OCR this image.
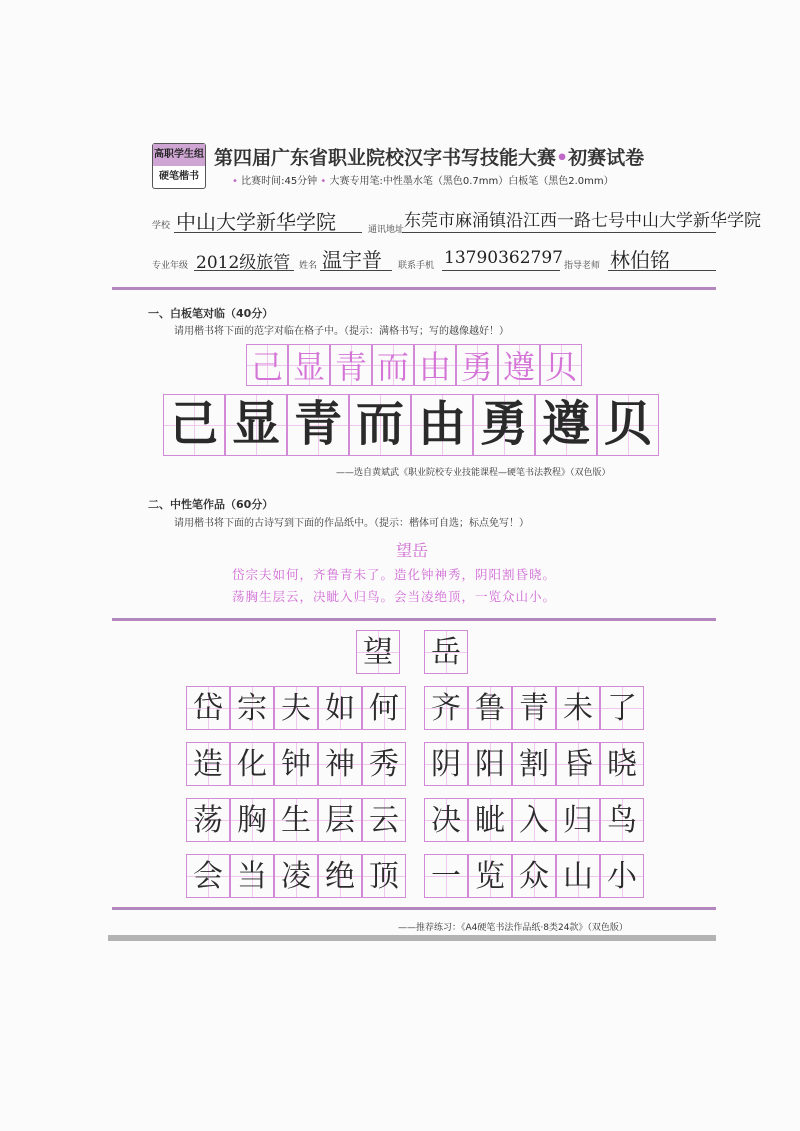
高职学生组
硬笔楷书
第四届广东省职业院校汉字书写技能大赛•初赛试卷
• 比赛时间:45分钟 • 大赛专用笔:中性墨水笔（黑色0.7mm）白板笔（黑色2.0mm）
学校 中山大学新华学院	通讯地址 东莞市麻涌镇沿江西一路七号中山大学新华学院
专业年级 2012级旅管 姓名 温宇普 联系手机 13790362797 指导老师 林伯铭
一、白板笔对临（40分）
请用楷书将下面的范字对临在格子中。（提示：满格书写；写的越像越好！）
己 显 青 而 由 勇 遵 贝
己 显 青 而 由 勇 遵 贝
——选自黄斌武《职业院校专业技能课程—硬笔书法教程》（双色版）
二、中性笔作品（60分）
请用楷书将下面的古诗写到下面的作品纸中。（提示：楷体可自选；标点免写！）
望岳
岱宗夫如何，齐鲁青未了。造化钟神秀，阴阳割昏晓。
荡胸生层云，决眦入归鸟。会当凌绝顶，一览众山小。
望 岳
岱 宗 夫 如 何 齐 鲁 青 未 了
造 化 钟 神 秀 阴 阳 割 昏 晓
荡 胸 生 层 云 决 眦 入 归 鸟
会 当 凌 绝 顶 一 览 众 山 小
——推荐练习：《A4硬笔书法作品纸·8类24款》（双色版）
